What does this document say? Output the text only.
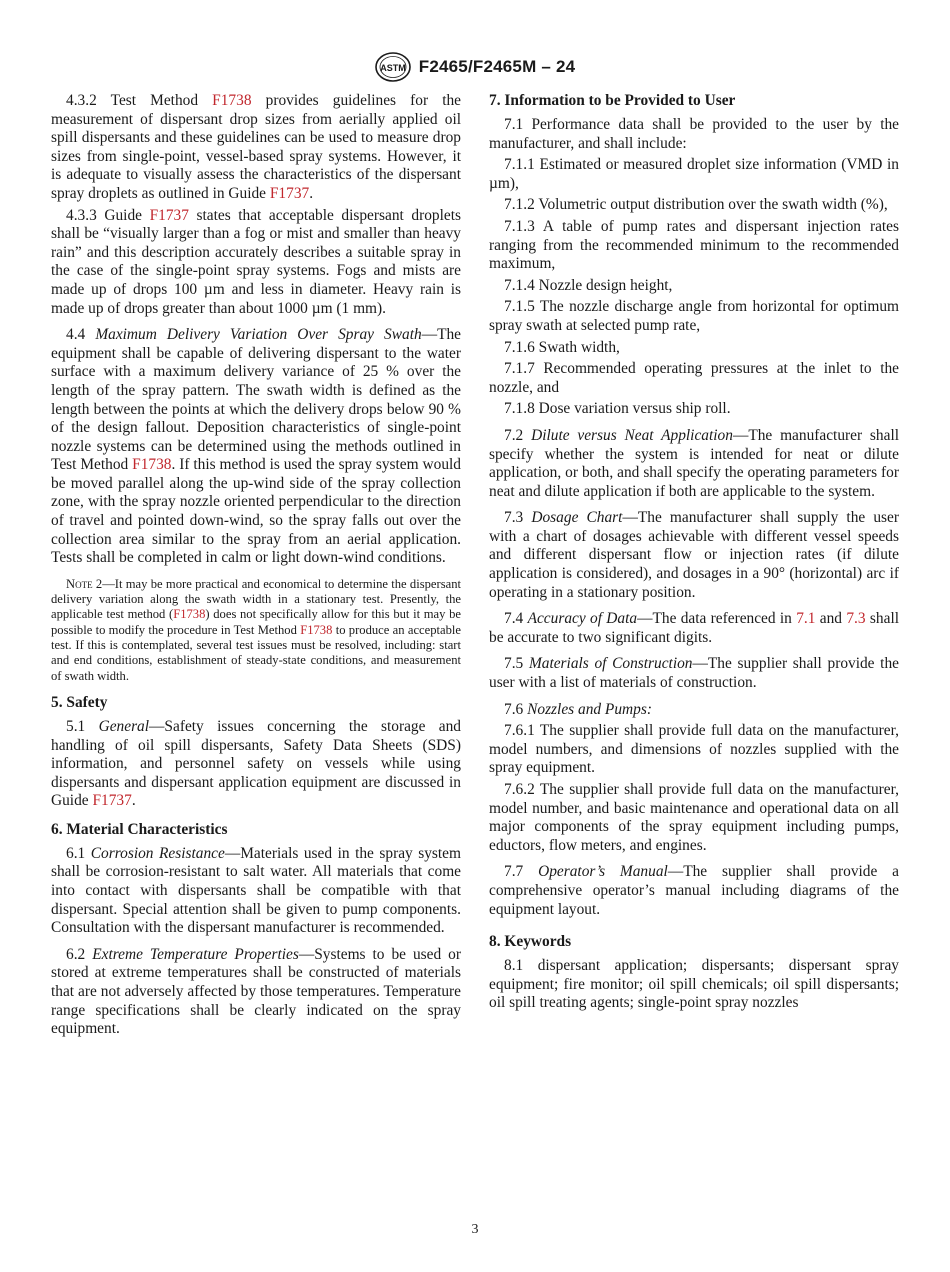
ASTM F2465/F2465M – 24

4.3.2 Test Method F1738 provides guidelines for the measurement of dispersant drop sizes from aerially applied oil spill dispersants and these guidelines can be used to measure drop sizes from single-point, vessel-based spray systems. However, it is adequate to visually assess the characteristics of the dispersant spray droplets as outlined in Guide F1737.

4.3.3 Guide F1737 states that acceptable dispersant droplets shall be “visually larger than a fog or mist and smaller than heavy rain” and this description accurately describes a suitable spray in the case of the single-point spray systems. Fogs and mists are made up of drops 100 µm and less in diameter. Heavy rain is made up of drops greater than about 1000 µm (1 mm).

4.4 Maximum Delivery Variation Over Spray Swath—The equipment shall be capable of delivering dispersant to the water surface with a maximum delivery variance of 25 % over the length of the spray pattern. The swath width is defined as the length between the points at which the delivery drops below 90 % of the design fallout. Deposition characteristics of single-point nozzle systems can be determined using the methods outlined in Test Method F1738. If this method is used the spray system would be moved parallel along the up-wind side of the spray collection zone, with the spray nozzle oriented perpendicular to the direction of travel and pointed down-wind, so the spray falls out over the collection area similar to the spray from an aerial application. Tests shall be completed in calm or light down-wind conditions.

Note 2—It may be more practical and economical to determine the dispersant delivery variation along the swath width in a stationary test. Presently, the applicable test method (F1738) does not specifically allow for this but it may be possible to modify the procedure in Test Method F1738 to produce an acceptable test. If this is contemplated, several test issues must be resolved, including: start and end conditions, establishment of steady-state conditions, and measurement of swath width.

5. Safety

5.1 General—Safety issues concerning the storage and handling of oil spill dispersants, Safety Data Sheets (SDS) information, and personnel safety on vessels while using dispersants and dispersant application equipment are discussed in Guide F1737.

6. Material Characteristics

6.1 Corrosion Resistance—Materials used in the spray system shall be corrosion-resistant to salt water. All materials that come into contact with dispersants shall be compatible with that dispersant. Special attention shall be given to pump components. Consultation with the dispersant manufacturer is recommended.

6.2 Extreme Temperature Properties—Systems to be used or stored at extreme temperatures shall be constructed of materials that are not adversely affected by those temperatures. Temperature range specifications shall be clearly indicated on the spray equipment.

7. Information to be Provided to User

7.1 Performance data shall be provided to the user by the manufacturer, and shall include:

7.1.1 Estimated or measured droplet size information (VMD in µm),

7.1.2 Volumetric output distribution over the swath width (%),

7.1.3 A table of pump rates and dispersant injection rates ranging from the recommended minimum to the recommended maximum,

7.1.4 Nozzle design height,

7.1.5 The nozzle discharge angle from horizontal for optimum spray swath at selected pump rate,

7.1.6 Swath width,

7.1.7 Recommended operating pressures at the inlet to the nozzle, and

7.1.8 Dose variation versus ship roll.

7.2 Dilute versus Neat Application—The manufacturer shall specify whether the system is intended for neat or dilute application, or both, and shall specify the operating parameters for neat and dilute application if both are applicable to the system.

7.3 Dosage Chart—The manufacturer shall supply the user with a chart of dosages achievable with different vessel speeds and different dispersant flow or injection rates (if dilute application is considered), and dosages in a 90° (horizontal) arc if operating in a stationary position.

7.4 Accuracy of Data—The data referenced in 7.1 and 7.3 shall be accurate to two significant digits.

7.5 Materials of Construction—The supplier shall provide the user with a list of materials of construction.

7.6 Nozzles and Pumps:

7.6.1 The supplier shall provide full data on the manufacturer, model numbers, and dimensions of nozzles supplied with the spray equipment.

7.6.2 The supplier shall provide full data on the manufacturer, model number, and basic maintenance and operational data on all major components of the spray equipment including pumps, eductors, flow meters, and engines.

7.7 Operator’s Manual—The supplier shall provide a comprehensive operator’s manual including diagrams of the equipment layout.

8. Keywords

8.1 dispersant application; dispersants; dispersant spray equipment; fire monitor; oil spill chemicals; oil spill dispersants; oil spill treating agents; single-point spray nozzles

3
